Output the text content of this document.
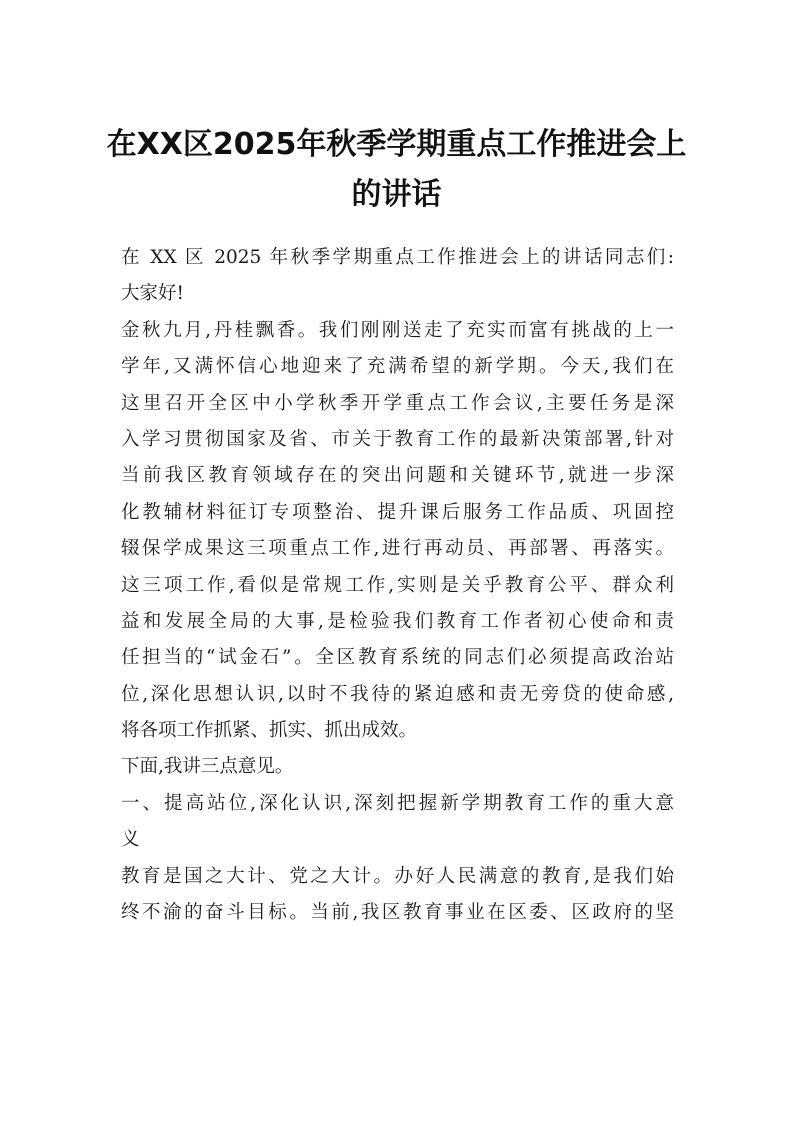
在XX区2025年秋季学期重点工作推进会上
的讲话
在 XX 区 2025 年秋季学期重点工作推进会上的讲话同志们:
大家好!
金秋九月,丹桂飘香。我们刚刚送走了充实而富有挑战的上一
学年,又满怀信心地迎来了充满希望的新学期。今天,我们在
这里召开全区中小学秋季开学重点工作会议,主要任务是深
入学习贯彻国家及省、市关于教育工作的最新决策部署,针对
当前我区教育领域存在的突出问题和关键环节,就进一步深
化教辅材料征订专项整治、提升课后服务工作品质、巩固控
辍保学成果这三项重点工作,进行再动员、再部署、再落实。
这三项工作,看似是常规工作,实则是关乎教育公平、群众利
益和发展全局的大事,是检验我们教育工作者初心使命和责
任担当的“试金石”。全区教育系统的同志们必须提高政治站
位,深化思想认识,以时不我待的紧迫感和责无旁贷的使命感,
将各项工作抓紧、抓实、抓出成效。
下面,我讲三点意见。
一、提高站位,深化认识,深刻把握新学期教育工作的重大意
义
教育是国之大计、党之大计。办好人民满意的教育,是我们始
终不渝的奋斗目标。当前,我区教育事业在区委、区政府的坚
